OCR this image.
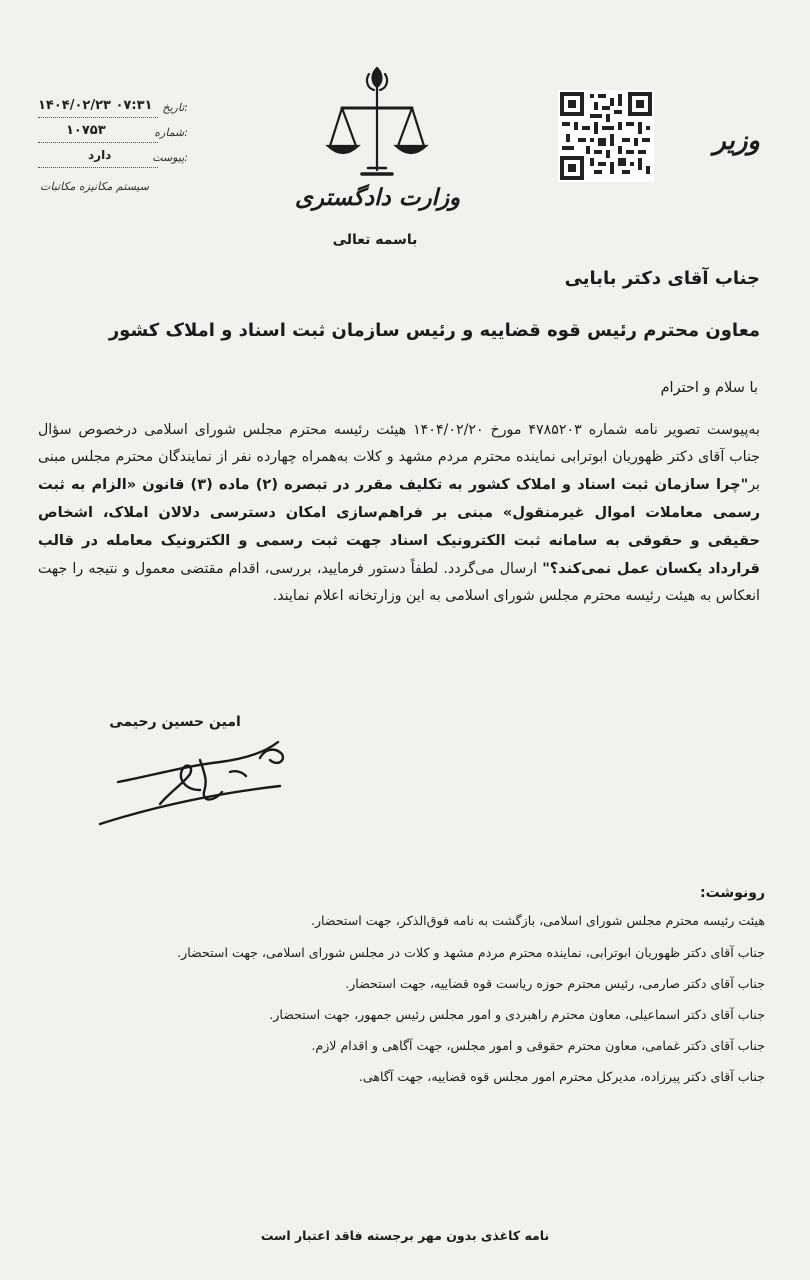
۱۴۰۴/۰۲/۲۳ ۰۷:۳۱ تاریخ:
۱۰۷۵۳	شماره:
دارد	پیوست:
سیستم مکانیزه مکاتبات	وزارت دادگستری
باسمه تعالی
وزیر
جناب آقای دکتر بابایی
معاون محترم رئیس قوه قضاییه و رئیس سازمان ثبت اسناد و املاک کشور
با سلام و احترام
به‌پیوست تصویر نامه شماره ۴۷۸۵۲۰۳ مورخ ۱۴۰۴/۰۲/۲۰ هیئت رئیسه محترم مجلس شورای اسلامی درخصوص سؤال جناب آقای دکتر ظهوریان ابوترابی نماینده محترم مردم مشهد و کلات به‌همراه چهارده نفر از نمایندگان محترم مجلس مبنی بر"چرا سازمان ثبت اسناد و املاک کشور به تکلیف مقرر در تبصره (۲) ماده (۳) قانون «الزام به ثبت رسمی معاملات اموال غیرمنقول» مبنی بر فراهم‌سازی امکان دسترسی دلالان املاک، اشخاص حقیقی و حقوقی به سامانه ثبت الکترونیک اسناد جهت ثبت رسمی و الکترونیک معامله در قالب قرارداد یکسان عمل نمی‌کند؟" ارسال می‌گردد. لطفاً دستور فرمایید، بررسی، اقدام مقتضی معمول و نتیجه را جهت انعکاس به هیئت رئیسه محترم مجلس شورای اسلامی به این وزارتخانه اعلام نمایند.
امین حسین رحیمی
رونوشت:
هیئت رئیسه محترم مجلس شورای اسلامی، بازگشت به نامه فوق‌الذکر، جهت استحضار.
جناب آقای دکتر ظهوریان ابوترابی، نماینده محترم مردم مشهد و کلات در مجلس شورای اسلامی، جهت استحضار.
جناب آقای دکتر صارمی، رئیس محترم حوزه ریاست قوه قضاییه، جهت استحضار.
جناب آقای دکتر اسماعیلی، معاون محترم راهبردی و امور مجلس رئیس جمهور، جهت استحضار.
جناب آقای دکتر غمامی، معاون محترم حقوقی و امور مجلس، جهت آگاهی و اقدام لازم.
جناب آقای دکتر پیرزاده، مدیرکل محترم امور مجلس قوه قضاییه، جهت آگاهی.
نامه کاغذی بدون مهر برجسته فاقد اعتبار است
